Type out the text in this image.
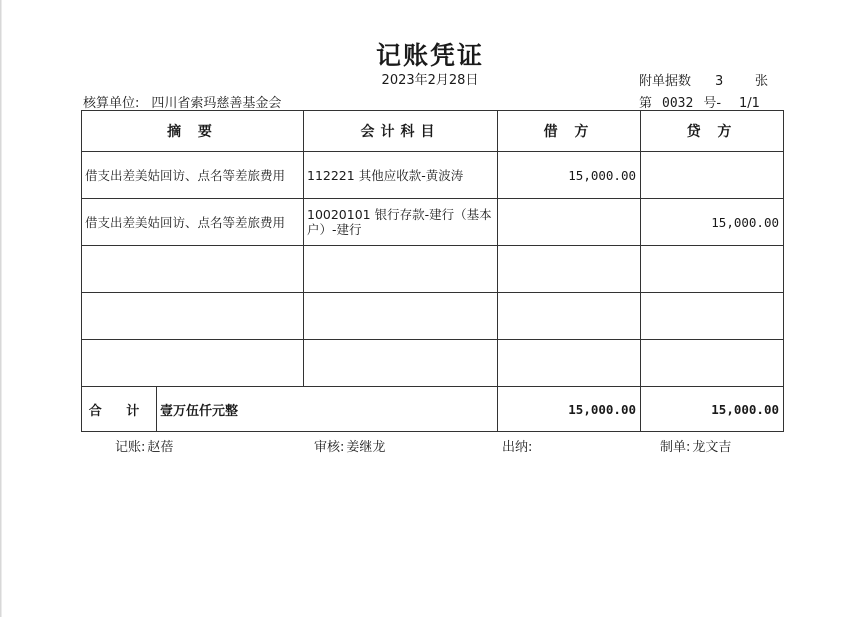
记账凭证
2023年2月28日	附单据数 3 张
核算单位: 四川省索玛慈善基金会	第 0032 号- 1/1
摘 要		会计科目	借 方	贷 方
借支出差美姑回访、点名等差旅费用		112221 其他应收款-黄波涛	15,000.00	
借支出差美姑回访、点名等差旅费用		10020101 银行存款-建行（基本户）-建行		15,000.00

合 计	壹万伍仟元整		15,000.00	15,000.00
记账: 赵蓓	审核: 姜继龙	出纳:	制单: 龙文吉
